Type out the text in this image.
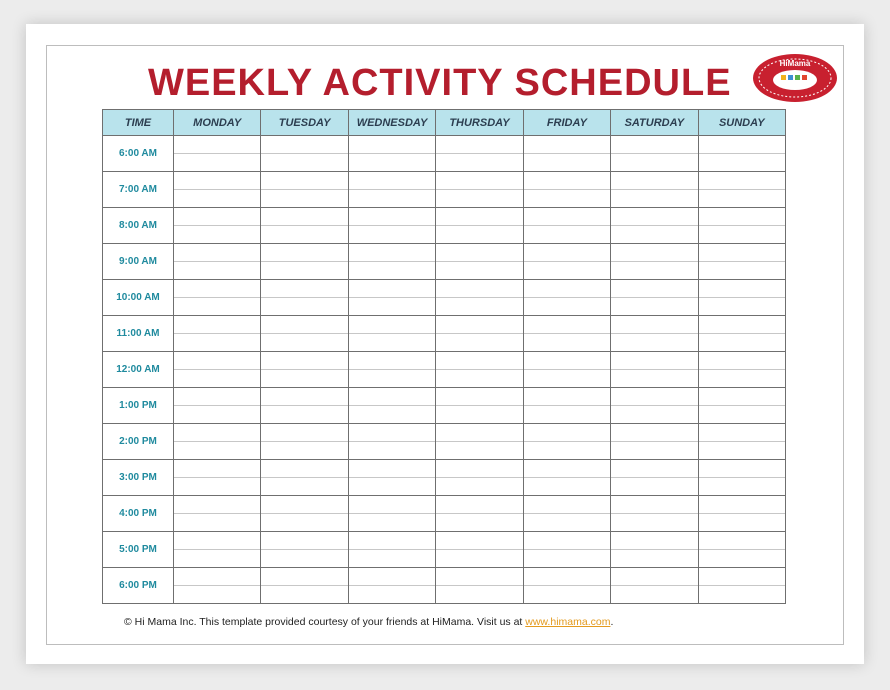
WEEKLY ACTIVITY SCHEDULE	HiMama
TIME	MONDAY	TUESDAY	WEDNESDAY	THURSDAY	FRIDAY	SATURDAY	SUNDAY
6:00 AM							

7:00 AM							

8:00 AM							

9:00 AM							

10:00 AM							

11:00 AM							

12:00 AM							

1:00 PM							

2:00 PM							

3:00 PM							

4:00 PM							

5:00 PM							

6:00 PM							

© Hi Mama Inc. This template provided courtesy of your friends at HiMama. Visit us at www.himama.com.
